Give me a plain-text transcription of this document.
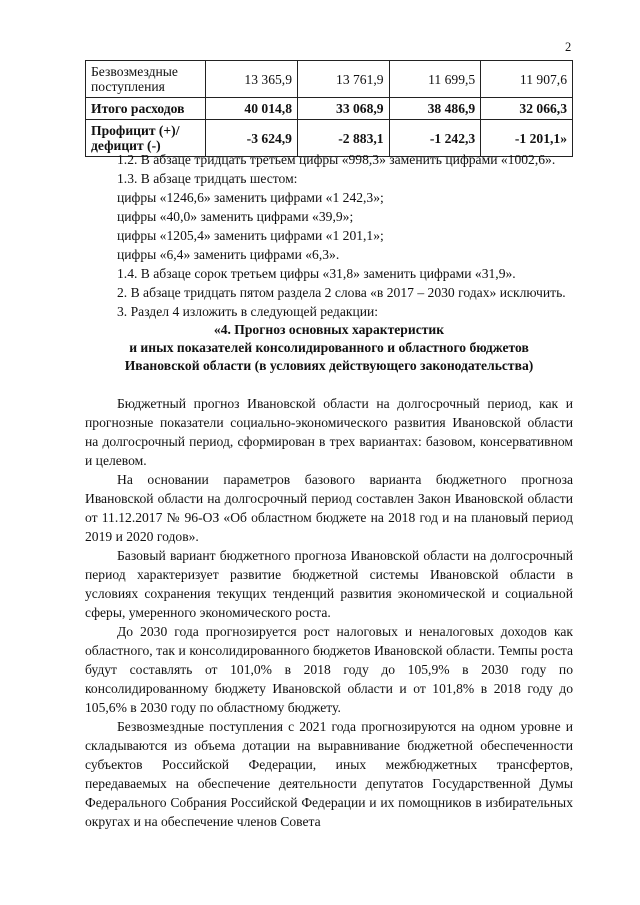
2
Безвозмездные поступления	13 365,9	13 761,9	11 699,5	11 907,6
Итого расходов	40 014,8	33 068,9	38 486,9	32 066,3
Профицит (+)/ дефицит (-)	-3 624,9	-2 883,1	-1 242,3	-1 201,1»

1.2. В абзаце тридцать третьем цифры «998,3» заменить цифрами «1002,6».

1.3. В абзаце тридцать шестом:

цифры «1246,6» заменить цифрами «1 242,3»;

цифры «40,0» заменить цифрами «39,9»;

цифры «1205,4» заменить цифрами «1 201,1»;

цифры «6,4» заменить цифрами «6,3».

1.4. В абзаце сорок третьем цифры «31,8» заменить цифрами «31,9».

2. В абзаце тридцать пятом раздела 2 слова «в 2017 – 2030 годах» исключить.

3. Раздел 4 изложить в следующей редакции:

«4. Прогноз основных характеристик

и иных показателей консолидированного и областного бюджетов

Ивановской области (в условиях действующего законодательства)

Бюджетный прогноз Ивановской области на долгосрочный период, как и прогнозные показатели социально-экономического развития Ивановской области на долгосрочный период, сформирован в трех вариантах: базовом, консервативном и целевом.

На основании параметров базового варианта бюджетного прогноза Ивановской области на долгосрочный период составлен Закон Ивановской области от 11.12.2017 № 96-ОЗ «Об областном бюджете на 2018 год и на плановый период 2019 и 2020 годов».

Базовый вариант бюджетного прогноза Ивановской области на долгосрочный период характеризует развитие бюджетной системы Ивановской области в условиях сохранения текущих тенденций развития экономической и социальной сферы, умеренного экономического роста.

До 2030 года прогнозируется рост налоговых и неналоговых доходов как областного, так и консолидированного бюджетов Ивановской области. Темпы роста будут составлять от 101,0% в 2018 году до 105,9% в 2030 году по консолидированному бюджету Ивановской области и от 101,8% в 2018 году до 105,6% в 2030 году по областному бюджету.

Безвозмездные поступления с 2021 года прогнозируются на одном уровне и складываются из объема дотации на выравнивание бюджетной обеспеченности субъектов Российской Федерации, иных межбюджетных трансфертов, передаваемых на обеспечение деятельности депутатов Государственной Думы Федерального Собрания Российской Федерации и их помощников в избирательных округах и на обеспечение членов Совета
